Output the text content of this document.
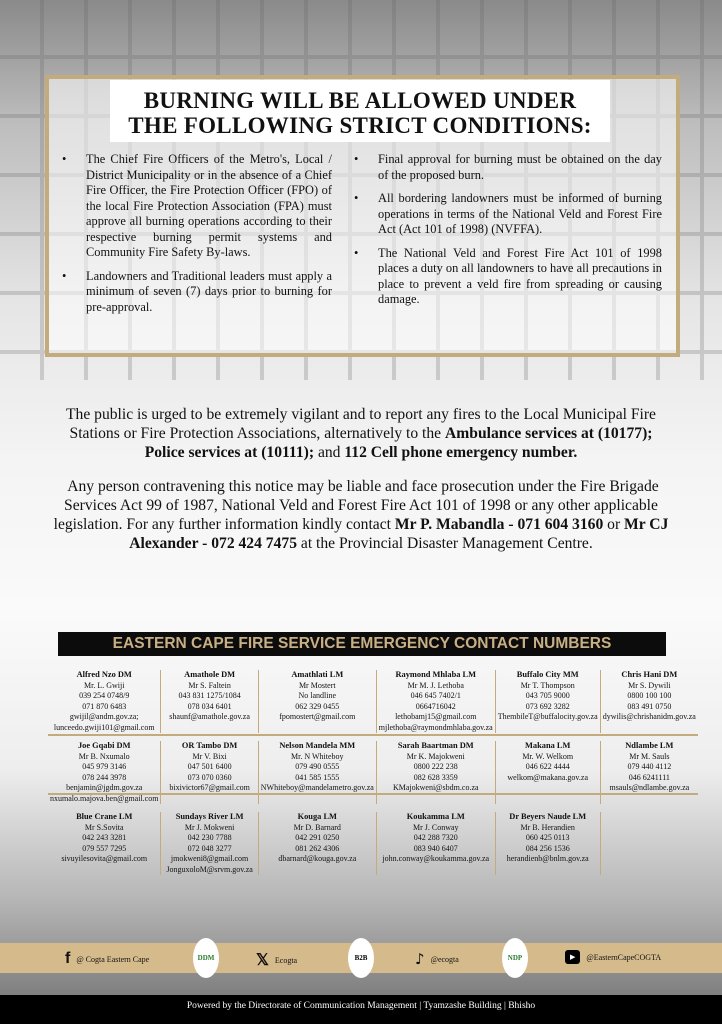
BURNING WILL BE ALLOWED UNDER
THE FOLLOWING STRICT CONDITIONS:
• The Chief Fire Officers of the Metro's, Local / District Municipality or in the absence of a Chief Fire Officer, the Fire Protection Officer (FPO) of the local Fire Protection Association (FPA) must approve all burning operations according to their respective burning permit systems and Community Fire Safety By-laws.
• Landowners and Traditional leaders must apply a minimum of seven (7) days prior to burning for pre-approval.
• Final approval for burning must be obtained on the day of the proposed burn.
• All bordering landowners must be informed of burning operations in terms of the National Veld and Forest Fire Act (Act 101 of 1998) (NVFFA).
• The National Veld and Forest Fire Act 101 of 1998 places a duty on all landowners to have all precautions in place to prevent a veld fire from spreading or causing damage.

The public is urged to be extremely vigilant and to report any fires to the Local Municipal Fire Stations or Fire Protection Associations, alternatively to the Ambulance services at (10177); Police services at (10111); and 112 Cell phone emergency number.

Any person contravening this notice may be liable and face prosecution under the Fire Brigade Services Act 99 of 1987, National Veld and Forest Fire Act 101 of 1998 or any other applicable legislation. For any further information kindly contact Mr P. Mabandla - 071 604 3160 or Mr CJ Alexander - 072 424 7475 at the Provincial Disaster Management Centre.

EASTERN CAPE FIRE SERVICE EMERGENCY CONTACT NUMBERS
Alfred Nzo DM
Mr. L. Gwiji
039 254 0748/9
071 870 6483
gwijil@andm.gov.za;
lunceedo.gwiji101@gmail.com
Amathole DM
Mr S. Faltein
043 831 1275/1084
078 034 6401
shaunf@amathole.gov.za
Amathlati LM
Mr Mostert
No landline
062 329 0455
fpomostert@gmail.com
Raymond Mhlaba LM
Mr M. J. Lethoba
046 645 7402/1
0664716042
lethobamj15@gmail.com
mjlethoba@raymondmhlaba.gov.za
Buffalo City MM
Mr T. Thompson
043 705 9000
073 692 3282
ThembileT@buffalocity.gov.za
Chris Hani DM
Mr S. Dywili
0800 100 100
083 491 0750
dywilis@chrishanidm.gov.za
Joe Gqabi DM
Mr B. Nxumalo
045 979 3146
078 244 3978
benjamin@jgdm.gov.za
nxumalo.majova.ben@gmail.com
OR Tambo DM
Mr V. Bixi
047 501 6400
073 070 0360
bixivictor67@gmail.com
Nelson Mandela MM
Mr. N Whiteboy
079 490 0555
041 585 1555
NWhiteboy@mandelametro.gov.za
Sarah Baartman DM
Mr K. Majokweni
0800 222 238
082 628 3359
KMajokweni@sbdm.co.za
Makana LM
Mr. W. Welkom
046 622 4444
welkom@makana.gov.za
Ndlambe LM
Mr M. Sauls
079 440 4112
046 6241111
msauls@ndlambe.gov.za
Blue Crane LM
Mr S.Sovita
042 243 3281
079 557 7295
sivuyilesovita@gmail.com
Sundays River LM
Mr J. Mokweni
042 230 7788
072 048 3277
jmokweni8@gmail.com
JonguxoloM@srvm.gov.za
Kouga LM
Mr D. Barnard
042 291 0250
081 262 4306
dbarnard@kouga.gov.za
Koukamma LM
Mr J. Conway
042 288 7320
083 940 6407
john.conway@koukamma.gov.za
Dr Beyers Naude LM
Mr B. Herandien
060 425 0113
084 256 1536
herandienb@bnlm.gov.za
f @ Cogta Eastern Cape	DDM	𝕏 Ecogta	B2B	♪ @ecogta	NDP	▶	@EasternCapeCOGTA
Powered by the Directorate of Communication Management | Tyamzashe Building | Bhisho
